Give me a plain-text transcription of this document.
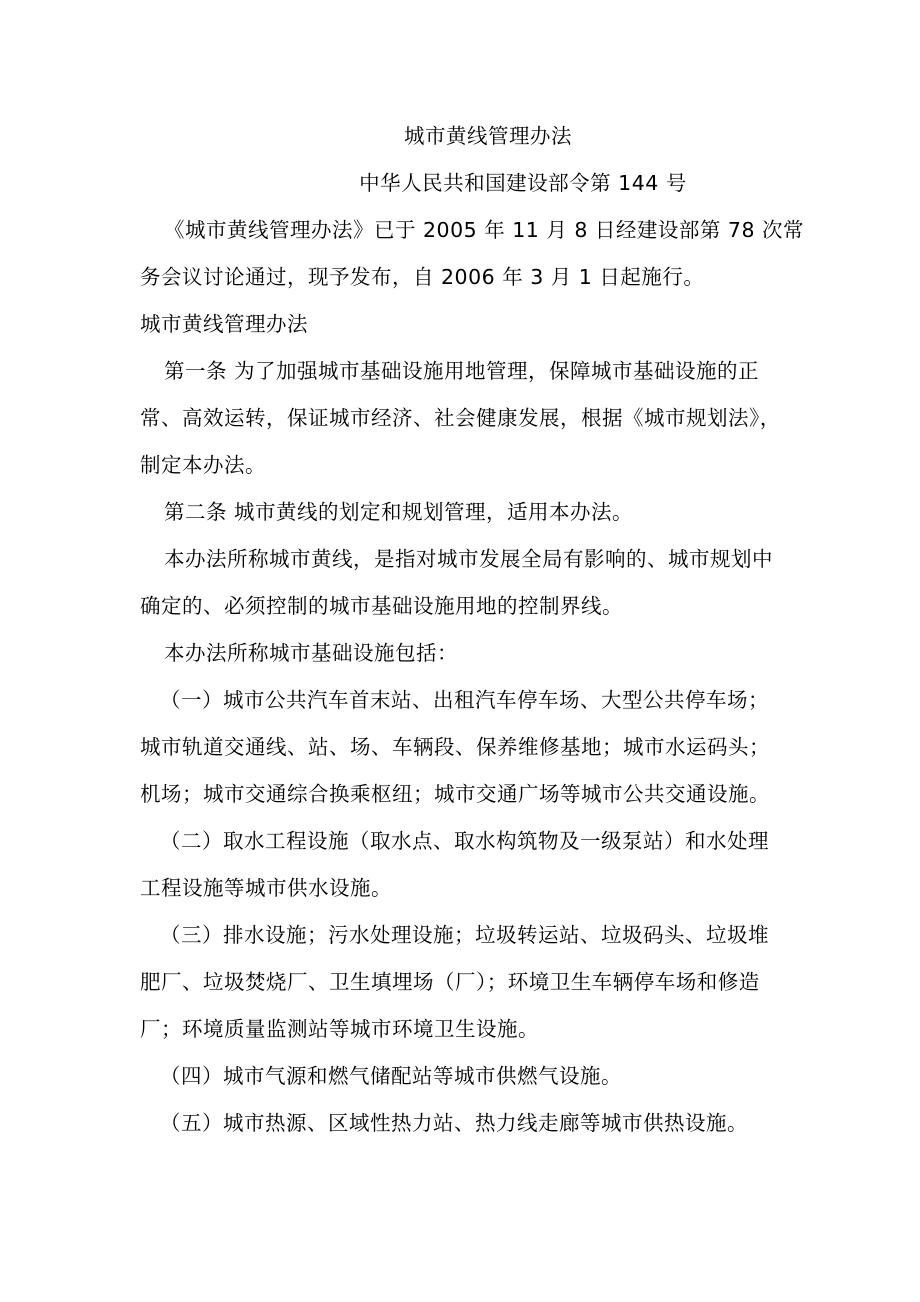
城市黄线管理办法

中华人民共和国建设部令第 144 号

《城市黄线管理办法》已于 2005 年 11 月 8 日经建设部第 78 次常

务会议讨论通过，现予发布，自 2006 年 3 月 1 日起施行。

城市黄线管理办法

第一条 为了加强城市基础设施用地管理，保障城市基础设施的正

常、高效运转，保证城市经济、社会健康发展，根据《城市规划法》，

制定本办法。

第二条 城市黄线的划定和规划管理，适用本办法。

本办法所称城市黄线，是指对城市发展全局有影响的、城市规划中

确定的、必须控制的城市基础设施用地的控制界线。

本办法所称城市基础设施包括：

（一）城市公共汽车首末站、出租汽车停车场、大型公共停车场；

城市轨道交通线、站、场、车辆段、保养维修基地；城市水运码头；

机场；城市交通综合换乘枢纽；城市交通广场等城市公共交通设施。

（二）取水工程设施（取水点、取水构筑物及一级泵站）和水处理

工程设施等城市供水设施。

（三）排水设施；污水处理设施；垃圾转运站、垃圾码头、垃圾堆

肥厂、垃圾焚烧厂、卫生填埋场（厂）；环境卫生车辆停车场和修造

厂；环境质量监测站等城市环境卫生设施。

（四）城市气源和燃气储配站等城市供燃气设施。

（五）城市热源、区域性热力站、热力线走廊等城市供热设施。
